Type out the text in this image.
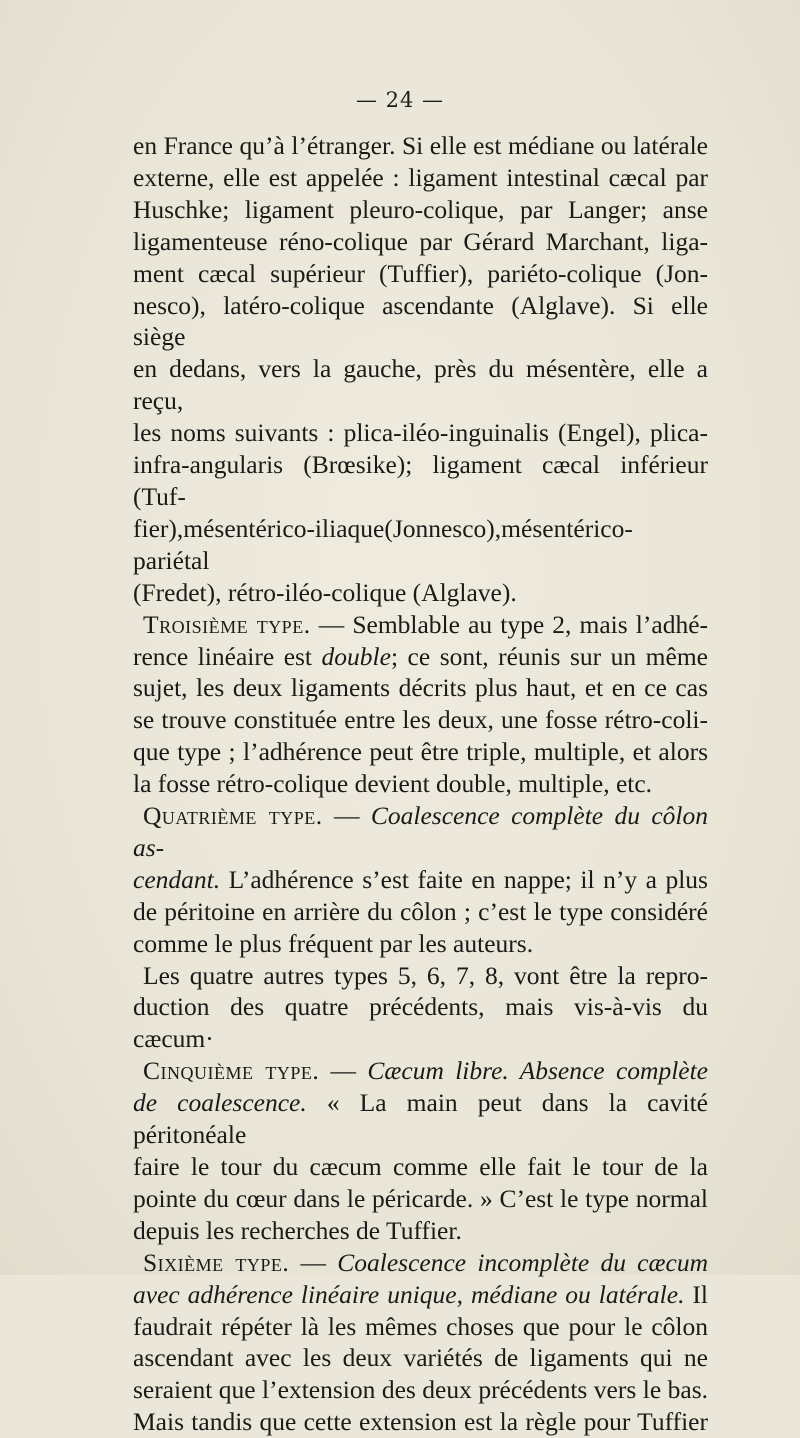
— 24 —

en France qu’à l’étranger. Si elle est médiane ou latérale

externe, elle est appelée : ligament intestinal cæcal par

Huschke; ligament pleuro-colique, par Langer; anse

ligamenteuse réno-colique par Gérard Marchant, liga-

ment cæcal supérieur (Tuffier), pariéto-colique (Jon-

nesco), latéro-colique ascendante (Alglave). Si elle siège

en dedans, vers la gauche, près du mésentère, elle a reçu,

les noms suivants : plica-iléo-inguinalis (Engel), plica-

infra-angularis (Brœsike); ligament cæcal inférieur (Tuf-

fier),mésentérico-iliaque(Jonnesco),mésentérico-pariétal

(Fredet), rétro-iléo-colique (Alglave).

Troisième type. — Semblable au type 2, mais l’adhé-

rence linéaire est double; ce sont, réunis sur un même

sujet, les deux ligaments décrits plus haut, et en ce cas

se trouve constituée entre les deux, une fosse rétro-coli-

que type ; l’adhérence peut être triple, multiple, et alors

la fosse rétro-colique devient double, multiple, etc.

Quatrième type. — Coalescence complète du côlon as-

cendant. L’adhérence s’est faite en nappe; il n’y a plus

de péritoine en arrière du côlon ; c’est le type considéré

comme le plus fréquent par les auteurs.

Les quatre autres types 5, 6, 7, 8, vont être la repro-

duction des quatre précédents, mais vis-à-vis du cæcum·

Cinquième type. — Cæcum libre. Absence complète

de coalescence. « La main peut dans la cavité péritonéale

faire le tour du cæcum comme elle fait le tour de la

pointe du cœur dans le péricarde. » C’est le type normal

depuis les recherches de Tuffier.

Sixième type. — Coalescence incomplète du cæcum

avec adhérence linéaire unique, médiane ou latérale. Il

faudrait répéter là les mêmes choses que pour le côlon

ascendant avec les deux variétés de ligaments qui ne

seraient que l’extension des deux précédents vers le bas.

Mais tandis que cette extension est la règle pour Tuffier
